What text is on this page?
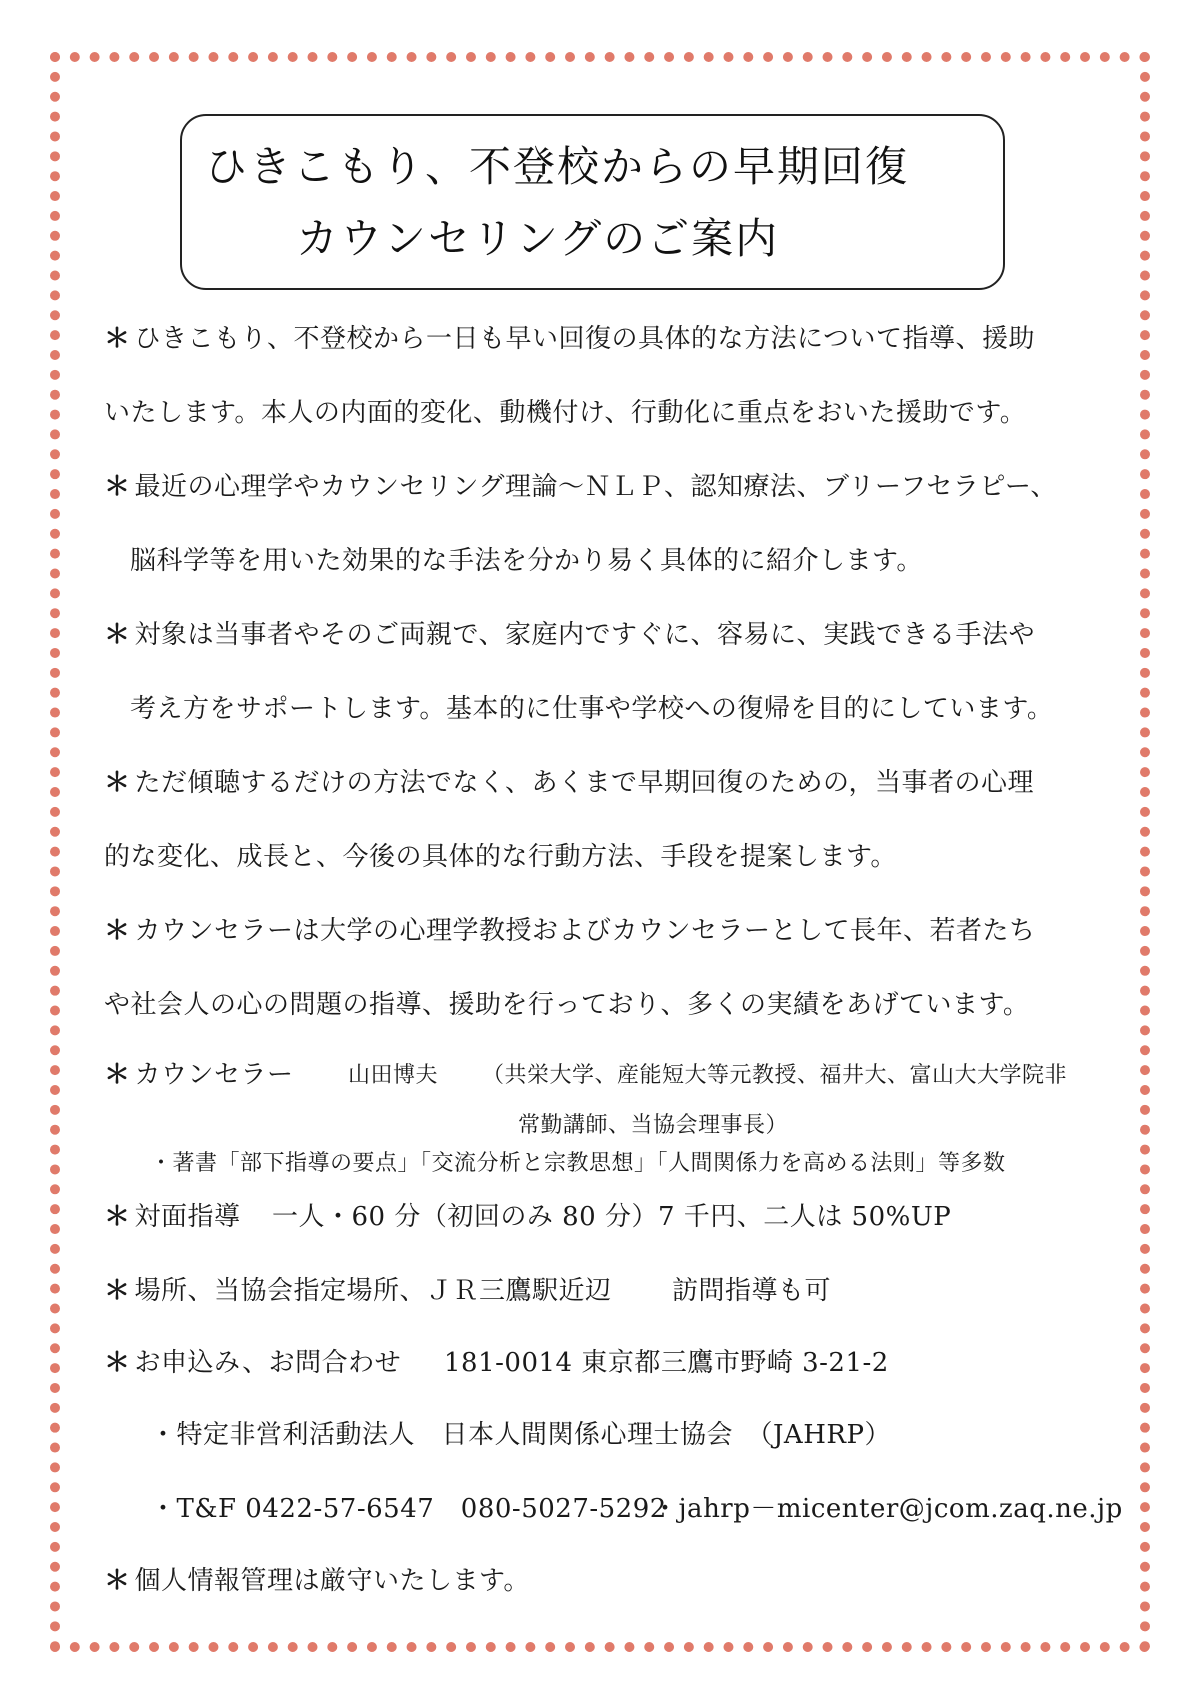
ひきこもり、不登校からの早期回復
カウンセリングのご案内
＊ ひきこもり、不登校から一日も早い回復の具体的な方法について指導、援助
いたします。本人の内面的変化、動機付け、行動化に重点をおいた援助です。
＊ 最近の心理学やカウンセリング理論～ＮＬＰ、認知療法、ブリーフセラピー、
脳科学等を用いた効果的な手法を分かり易く具体的に紹介します。
＊ 対象は当事者やそのご両親で、家庭内ですぐに、容易に、実践できる手法や
考え方をサポートします。基本的に仕事や学校への復帰を目的にしています。
＊ ただ傾聴するだけの方法でなく、あくまで早期回復のための，当事者の心理
的な変化、成長と、今後の具体的な行動方法、手段を提案します。
＊ カウンセラーは大学の心理学教授およびカウンセラーとして長年、若者たち
や社会人の心の問題の指導、援助を行っており、多くの実績をあげています。
＊ カウンセラー 山田博夫 （共栄大学、産能短大等元教授、福井大、富山大大学院非
常勤講師、当協会理事長）
・著書「部下指導の要点」「交流分析と宗教思想」「人間関係力を高める法則」等多数
＊ 対面指導 一人・60 分（初回のみ 80 分）7 千円、二人は 50%UP
＊ 場所、当協会指定場所、ＪＲ三鷹駅近辺 訪問指導も可
＊ お申込み、お問合わせ 181-0014 東京都三鷹市野崎 3-21-2
・特定非営利活動法人　日本人間関係心理士協会　（JAHRP）
・T&F 0422-57-6547　080-5027-5292
・jahrp－micenter@jcom.zaq.ne.jp
＊ 個人情報管理は厳守いたします。
